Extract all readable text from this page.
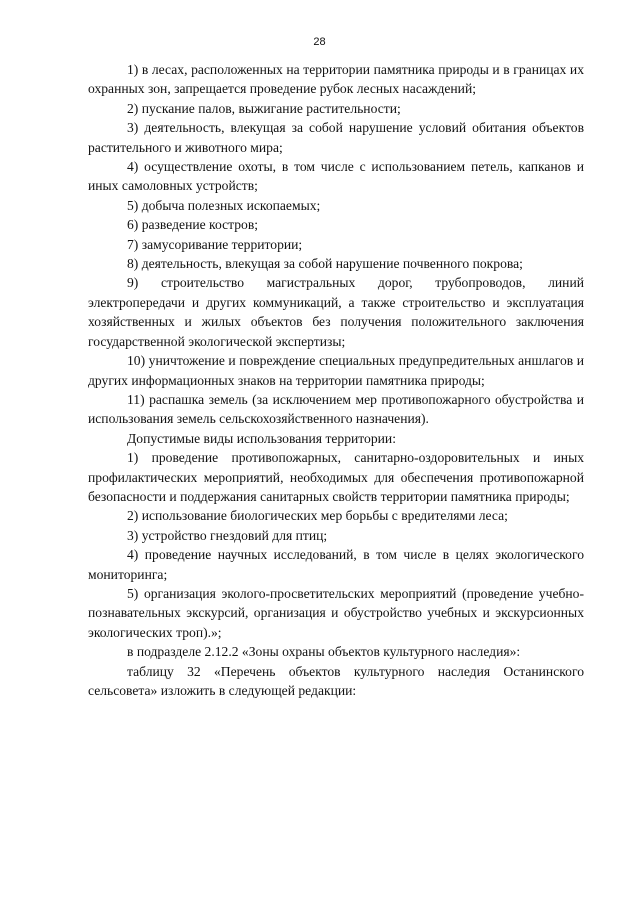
28

1) в лесах, расположенных на территории памятника природы и в границах их охранных зон, запрещается проведение рубок лесных насаждений;

2) пускание палов, выжигание растительности;

3) деятельность, влекущая за собой нарушение условий обитания объектов растительного и животного мира;

4) осуществление охоты, в том числе с использованием петель, капканов и иных самоловных устройств;

5) добыча полезных ископаемых;

6) разведение костров;

7) замусоривание территории;

8) деятельность, влекущая за собой нарушение почвенного покрова;

9) строительство магистральных дорог, трубопроводов, линий электропередачи и других коммуникаций, а также строительство и эксплуатация хозяйственных и жилых объектов без получения положительного заключения государственной экологической экспертизы;

10) уничтожение и повреждение специальных предупредительных аншлагов и других информационных знаков на территории памятника природы;

11) распашка земель (за исключением мер противопожарного обустройства и использования земель сельскохозяйственного назначения).

Допустимые виды использования территории:

1) проведение противопожарных, санитарно-оздоровительных и иных профилактических мероприятий, необходимых для обеспечения противопожарной безопасности и поддержания санитарных свойств территории памятника природы;

2) использование биологических мер борьбы с вредителями леса;

3) устройство гнездовий для птиц;

4) проведение научных исследований, в том числе в целях экологического мониторинга;

5) организация эколого-просветительских мероприятий (проведение учебно-познавательных экскурсий, организация и обустройство учебных и экскурсионных экологических троп).»;

в подразделе 2.12.2 «Зоны охраны объектов культурного наследия»:

таблицу 32 «Перечень объектов культурного наследия Останинского сельсовета» изложить в следующей редакции:
